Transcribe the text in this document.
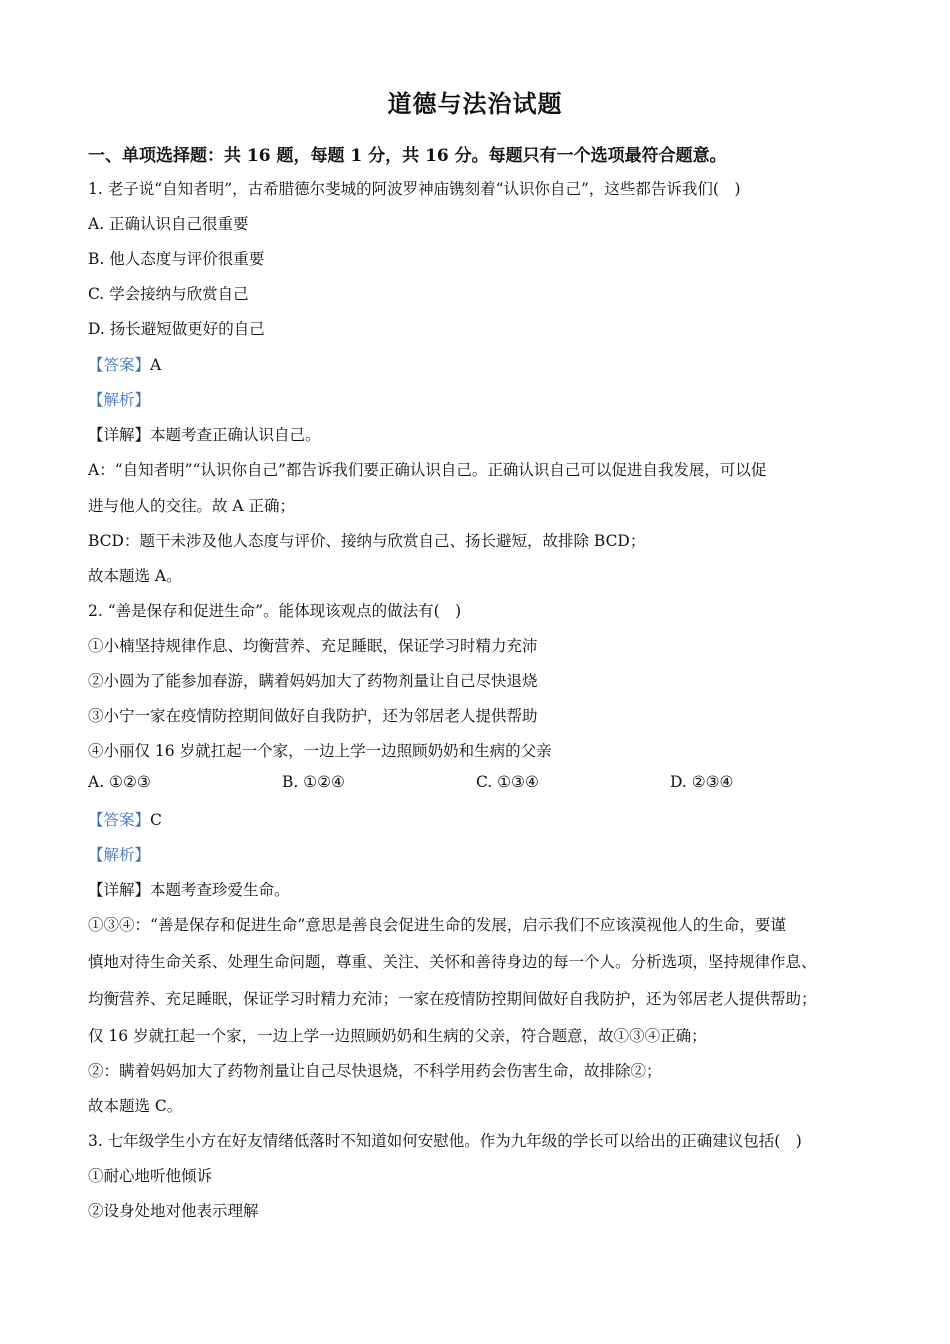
道德与法治试题
一、单项选择题：共 16 题，每题 1 分，共 16 分。每题只有一个选项最符合题意。
1. 老子说“自知者明”，古希腊德尔斐城的阿波罗神庙镌刻着“认识你自己”，这些都告诉我们(　)
A. 正确认识自己很重要
B. 他人态度与评价很重要
C. 学会接纳与欣赏自己
D. 扬长避短做更好的自己
【答案】A
【解析】
【详解】本题考查正确认识自己。
A：“自知者明”“认识你自己”都告诉我们要正确认识自己。正确认识自己可以促进自我发展，可以促
进与他人的交往。故 A 正确；
BCD：题干未涉及他人态度与评价、接纳与欣赏自己、扬长避短，故排除 BCD；
故本题选 A。
2. “善是保存和促进生命”。能体现该观点的做法有(　)
①小楠坚持规律作息、均衡营养、充足睡眠，保证学习时精力充沛
②小圆为了能参加春游，瞒着妈妈加大了药物剂量让自己尽快退烧
③小宁一家在疫情防控期间做好自我防护，还为邻居老人提供帮助
④小丽仅 16 岁就扛起一个家，一边上学一边照顾奶奶和生病的父亲
A. ①②③	B. ①②④	C. ①③④	D. ②③④
【答案】C
【解析】
【详解】本题考查珍爱生命。
①③④：“善是保存和促进生命”意思是善良会促进生命的发展，启示我们不应该漠视他人的生命，要谨
慎地对待生命关系、处理生命问题，尊重、关注、关怀和善待身边的每一个人。分析选项，坚持规律作息、
均衡营养、充足睡眠，保证学习时精力充沛；一家在疫情防控期间做好自我防护，还为邻居老人提供帮助；
仅 16 岁就扛起一个家，一边上学一边照顾奶奶和生病的父亲，符合题意，故①③④正确；
②：瞒着妈妈加大了药物剂量让自己尽快退烧，不科学用药会伤害生命，故排除②；
故本题选 C。
3. 七年级学生小方在好友情绪低落时不知道如何安慰他。作为九年级的学长可以给出的正确建议包括(　)
①耐心地听他倾诉
②设身处地对他表示理解
